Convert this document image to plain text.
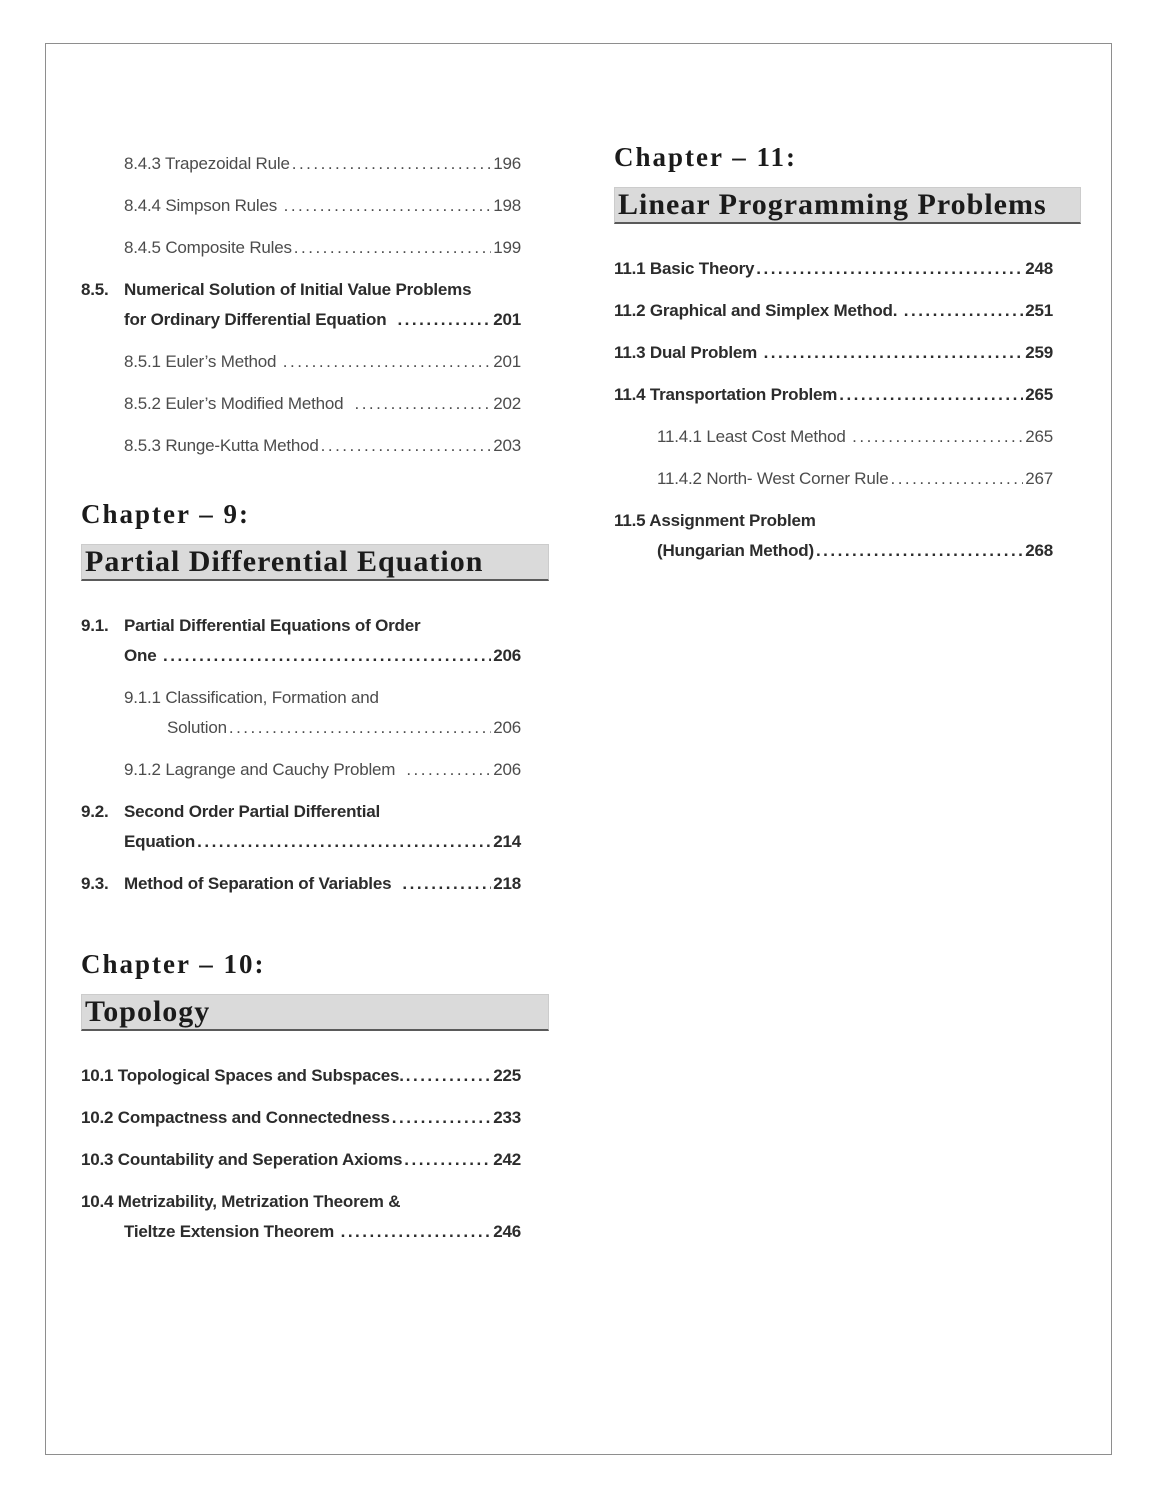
8.4.3 Trapezoidal Rule .....	196
8.4.4 Simpson Rules .....	198
8.4.5 Composite Rules .....	199
8.5. Numerical Solution of Initial Value Problems
for Ordinary Differential Equation .....	201
8.5.1 Euler’s Method .....	201
8.5.2 Euler’s Modified Method .....	202
8.5.3 Runge-Kutta Method .....	203
Chapter – 9:
Partial Differential Equation
9.1. Partial Differential Equations of Order
One .....	206
9.1.1 Classification, Formation and
Solution .....	206
9.1.2 Lagrange and Cauchy Problem .....	206
9.2. Second Order Partial Differential
Equation .....	214
9.3. Method of Separation of Variables .....	218
Chapter – 10:
Topology
10.1 Topological Spaces and Subspaces. .....	225
10.2 Compactness and Connectedness .....	233
10.3 Countability and Seperation Axioms .....	242
10.4 Metrizability, Metrization Theorem &
Tieltze Extension Theorem .....	246
Chapter – 11:
Linear Programming Problems
11.1 Basic Theory .....	248
11.2 Graphical and Simplex Method. .....	251
11.3 Dual Problem .....	259
11.4 Transportation Problem .....	265
11.4.1 Least Cost Method .....	265
11.4.2 North- West Corner Rule .....	267
11.5 Assignment Problem
(Hungarian Method) .....	268
